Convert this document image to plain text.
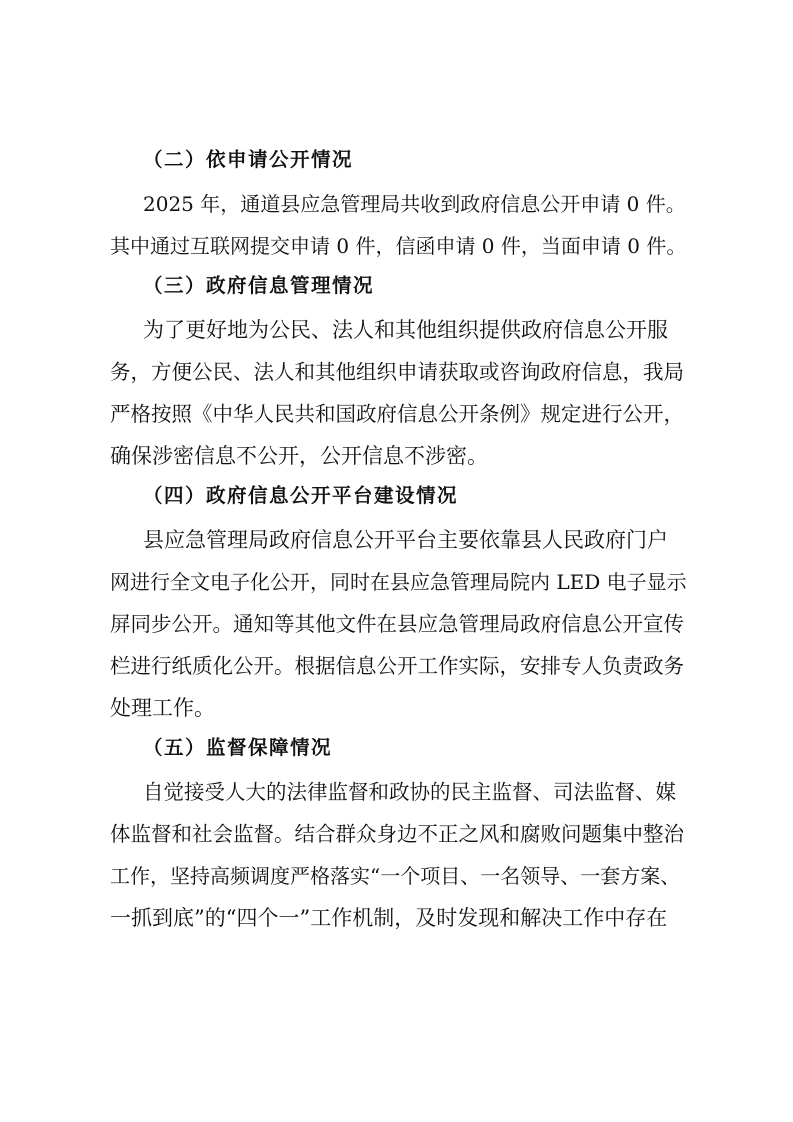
（二）依申请公开情况
2025 年，通道县应急管理局共收到政府信息公开申请 0 件。
其中通过互联网提交申请 0 件，信函申请 0 件，当面申请 0 件。
（三）政府信息管理情况
为了更好地为公民、法人和其他组织提供政府信息公开服
务，方便公民、法人和其他组织申请获取或咨询政府信息，我局
严格按照《中华人民共和国政府信息公开条例》规定进行公开，
确保涉密信息不公开，公开信息不涉密。
（四）政府信息公开平台建设情况
县应急管理局政府信息公开平台主要依靠县人民政府门户
网进行全文电子化公开，同时在县应急管理局院内 LED 电子显示
屏同步公开。通知等其他文件在县应急管理局政府信息公开宣传
栏进行纸质化公开。根据信息公开工作实际，安排专人负责政务
处理工作。
（五）监督保障情况
自觉接受人大的法律监督和政协的民主监督、司法监督、媒
体监督和社会监督。结合群众身边不正之风和腐败问题集中整治
工作，坚持高频调度严格落实“一个项目、一名领导、一套方案、
一抓到底”的“四个一”工作机制，及时发现和解决工作中存在
